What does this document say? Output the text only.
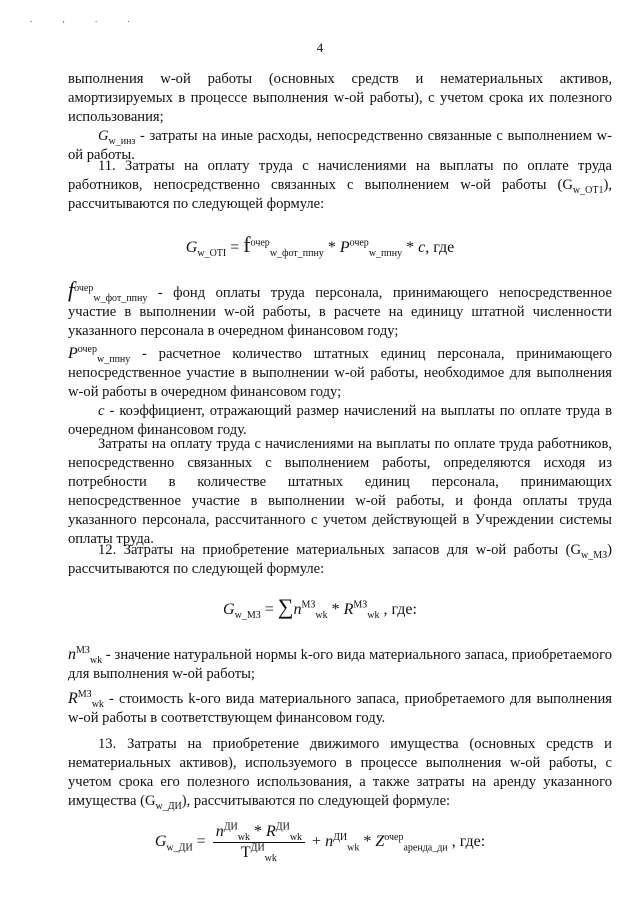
. , . .
4
выполнения w-ой работы (основных средств и нематериальных активов, амортизируемых в процессе выполнения w-ой работы), с учетом срока их полезного использования;
$G_{w\_инз}$ - затраты на иные расходы, непосредственно связанные с выполнением w-ой работы.
11. Затраты на оплату труда с начислениями на выплаты по оплате труда работников, непосредственно связанных с выполнением w-ой работы $(G_{w\_ОТ1})$, рассчитываются по следующей формуле:
$G_{w\_OTI} = f^{очер}_{w\_фот\_ппну} * P^{очер}_{w\_ппну} * c$, где
$f^{очер}_{w\_фот\_ппну}$ - фонд оплаты труда персонала, принимающего непосредственное участие в выполнении w-ой работы, в расчете на единицу штатной численности указанного персонала в очередном финансовом году;
$P^{очер}_{w\_ппну}$ - расчетное количество штатных единиц персонала, принимающего непосредственное участие в выполнении w-ой работы, необходимое для выполнения w-ой работы в очередном финансовом году;
c - коэффициент, отражающий размер начислений на выплаты по оплате труда в очередном финансовом году.
Затраты на оплату труда с начислениями на выплаты по оплате труда работников, непосредственно связанных с выполнением работы, определяются исходя из потребности в количестве штатных единиц персонала, принимающих непосредственное участие в выполнении w-ой работы, и фонда оплаты труда указанного персонала, рассчитанного с учетом действующей в Учреждении системы оплаты труда.
12. Затраты на приобретение материальных запасов для w-ой работы $(G_{w\_МЗ})$ рассчитываются по следующей формуле:
$G_{w\_МЗ} = \sum n^{МЗ}_{wk} * R^{МЗ}_{wk}$ , где:
$n^{МЗ}_{wk}$ - значение натуральной нормы k-ого вида материального запаса, приобретаемого для выполнения w-ой работы;
$R^{МЗ}_{wk}$ - стоимость k-ого вида материального запаса, приобретаемого для выполнения w-ой работы в соответствующем финансовом году.
13. Затраты на приобретение движимого имущества (основных средств и нематериальных активов), используемого в процессе выполнения w-ой работы, с учетом срока его полезного использования, а также затраты на аренду указанного имущества $(G_{w\_ДИ})$, рассчитываются по следующей формуле:
$G_{w\_ДИ} = \frac{n^{ДИ}_{wk} * R^{ДИ}_{wk}}{T^{ДИ}_{wk}} + n^{ДИ}_{wk} * Z^{очер}_{аренда\_ди}$ , где:
